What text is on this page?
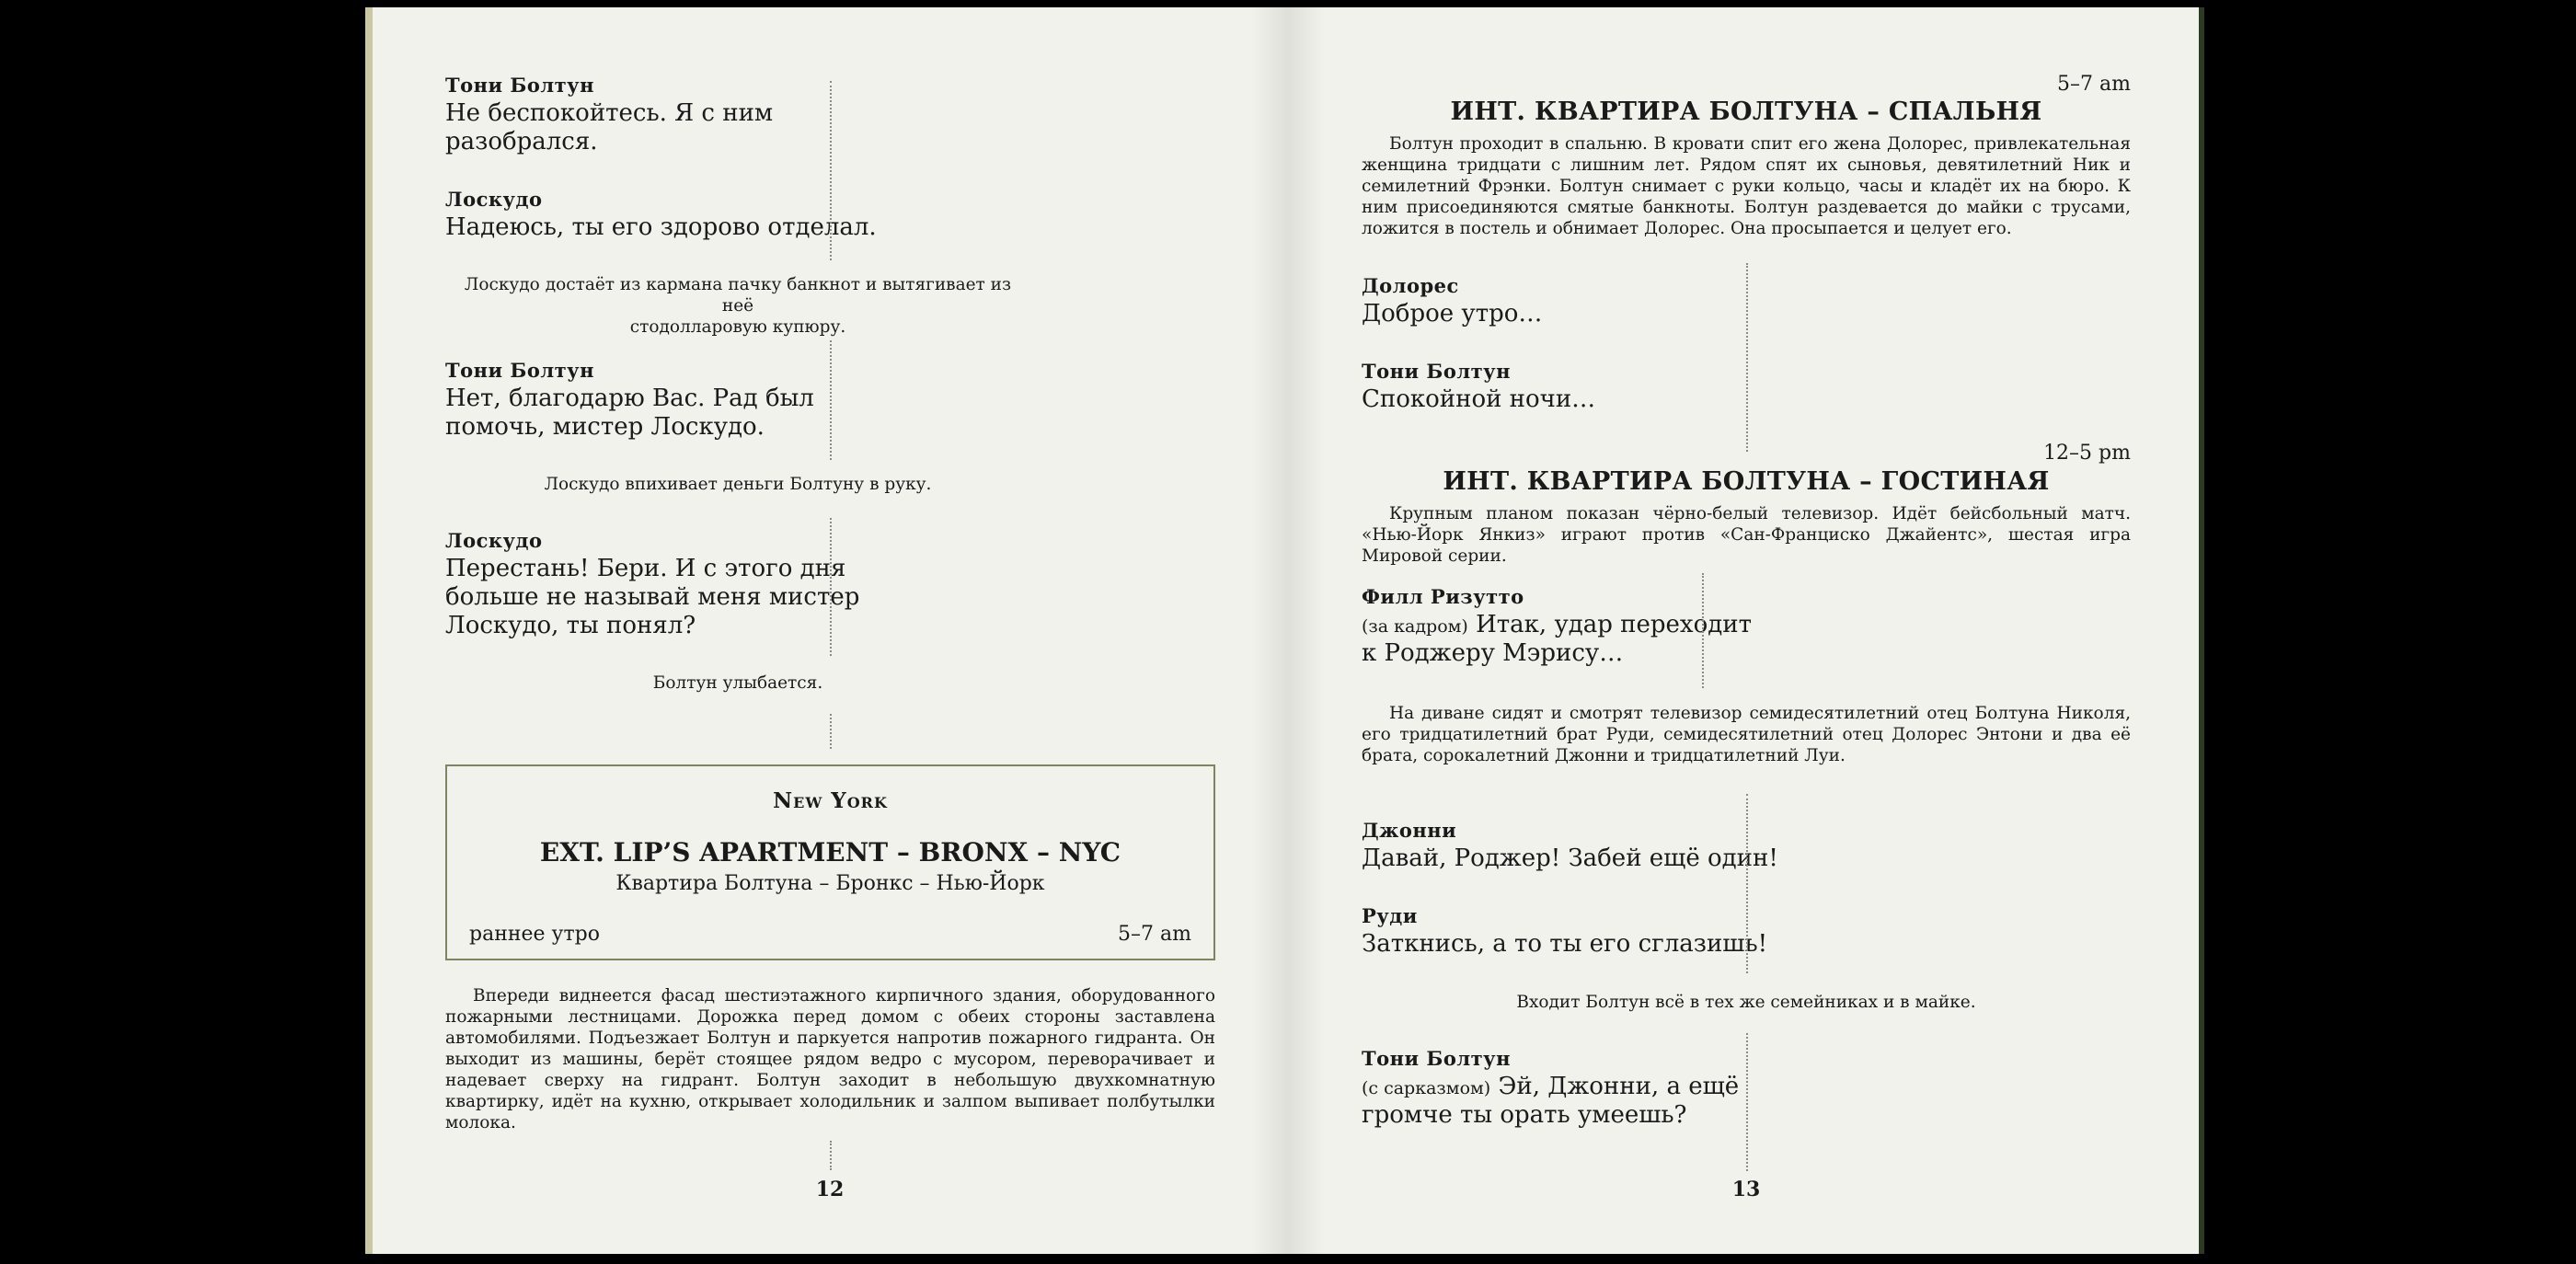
Тони Болтун
Не беспокойтесь. Я с ним
разобрался.
Лоскудо
Надеюсь, ты его здорово отделал.
Лоскудо достаёт из кармана пачку банкнот и вытягивает из неё
стодолларовую купюру.
Тони Болтун
Нет, благодарю Вас. Рад был
помочь, мистер Лоскудо.
Лоскудо впихивает деньги Болтуну в руку.
Лоскудо
Перестань! Бери. И с этого дня
больше не называй меня мистер
Лоскудо, ты понял?
Болтун улыбается.
New York
EXT. LIP’S APARTMENT – BRONX – NYC
Квартира Болтуна – Бронкс – Нью-Йорк
раннее утро	5–7 am
Впереди виднеется фасад шестиэтажного кирпичного здания, оборудованного пожарными лестницами. Дорожка перед домом с обеих стороны заставлена автомобилями. Подъезжает Болтун и паркуется напротив пожарного гидранта. Он выходит из машины, берёт стоящее рядом ведро с мусором, переворачивает и надевает сверху на гидрант. Болтун заходит в небольшую двухкомнатную квартирку, идёт на кухню, открывает холодильник и залпом выпивает полбутылки молока.
12
5–7 am
ИНТ. КВАРТИРА БОЛТУНА – СПАЛЬНЯ
Болтун проходит в спальню. В кровати спит его жена Долорес, привлекательная женщина тридцати с лишним лет. Рядом спят их сыновья, девятилетний Ник и семилетний Фрэнки. Болтун снимает с руки кольцо, часы и кладёт их на бюро. К ним присоединяются смятые банкноты. Болтун раздевается до майки с трусами, ложится в постель и обнимает Долорес. Она просыпается и целует его.
Долорес
Доброе утро…
Тони Болтун
Спокойной ночи…
12–5 pm
ИНТ. КВАРТИРА БОЛТУНА – ГОСТИНАЯ
Крупным планом показан чёрно-белый телевизор. Идёт бейсбольный матч. «Нью-Йорк Янкиз» играют против «Сан-Франциско Джайентс», шестая игра Мировой серии.
Филл Ризутто
(за кадром) Итак, удар переходит
к Роджеру Мэрису…
На диване сидят и смотрят телевизор семидесятилетний отец Болтуна Николя, его тридцатилетний брат Руди, семидесятилетний отец Долорес Энтони и два её брата, сорокалетний Джонни и тридцатилетний Луи.
Джонни
Давай, Роджер! Забей ещё один!
Руди
Заткнись, а то ты его сглазишь!
Входит Болтун всё в тех же семейниках и в майке.
Тони Болтун
(с сарказмом) Эй, Джонни, а ещё
громче ты орать умеешь?
13
